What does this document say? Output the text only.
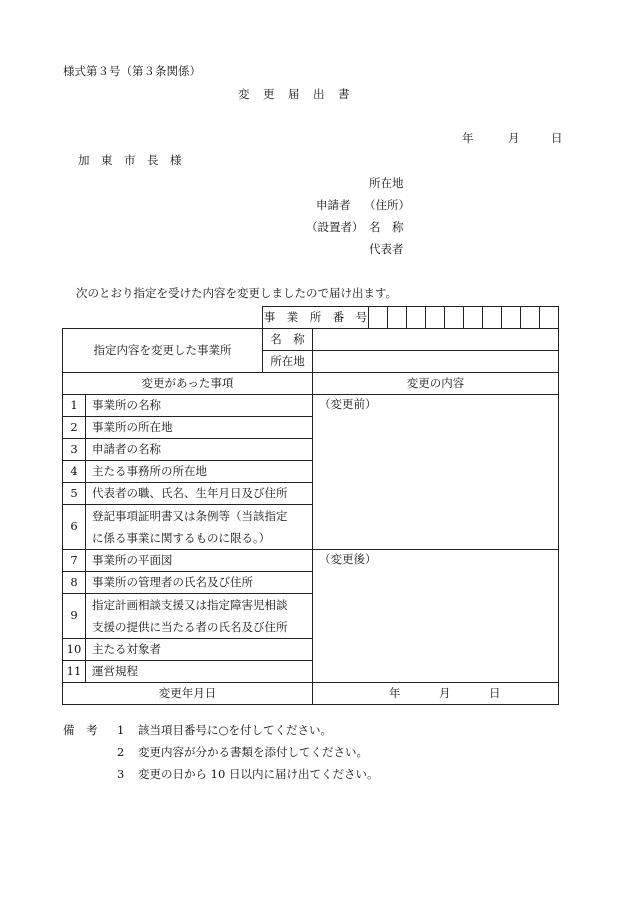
様式第３号（第３条関係）
変　更　届　出　書
年	月	日
加　東　市　長　様
所在地
申請者 （住所）
（設置者） 名　称
代表者
次のとおり指定を受けた内容を変更しましたので届け出ます。
		事　業　所　番　号											
指定内容を変更した事業所		名　称											
		所在地											
変更があった事項			変更の内容										
1	事業所の名称		（変更前）										
2	事業所の所在地												
3	申請者の名称												
4	主たる事務所の所在地												
5	代表者の職、氏名、生年月日及び住所												
6	登記事項証明書又は条例等（当該指定
に係る事業に関するものに限る。）												

7	事業所の平面図		（変更後）										
8	事業所の管理者の氏名及び住所												
9	指定計画相談支援又は指定障害児相談
支援の提供に当たる者の氏名及び住所												

10	主たる対象者												
11	運営規程												
変更年月日			年 月 日										
備　考 1 該当項目番号に○を付してください。
2 変更内容が分かる書類を添付してください。
3 変更の日から 10 日以内に届け出てください。
